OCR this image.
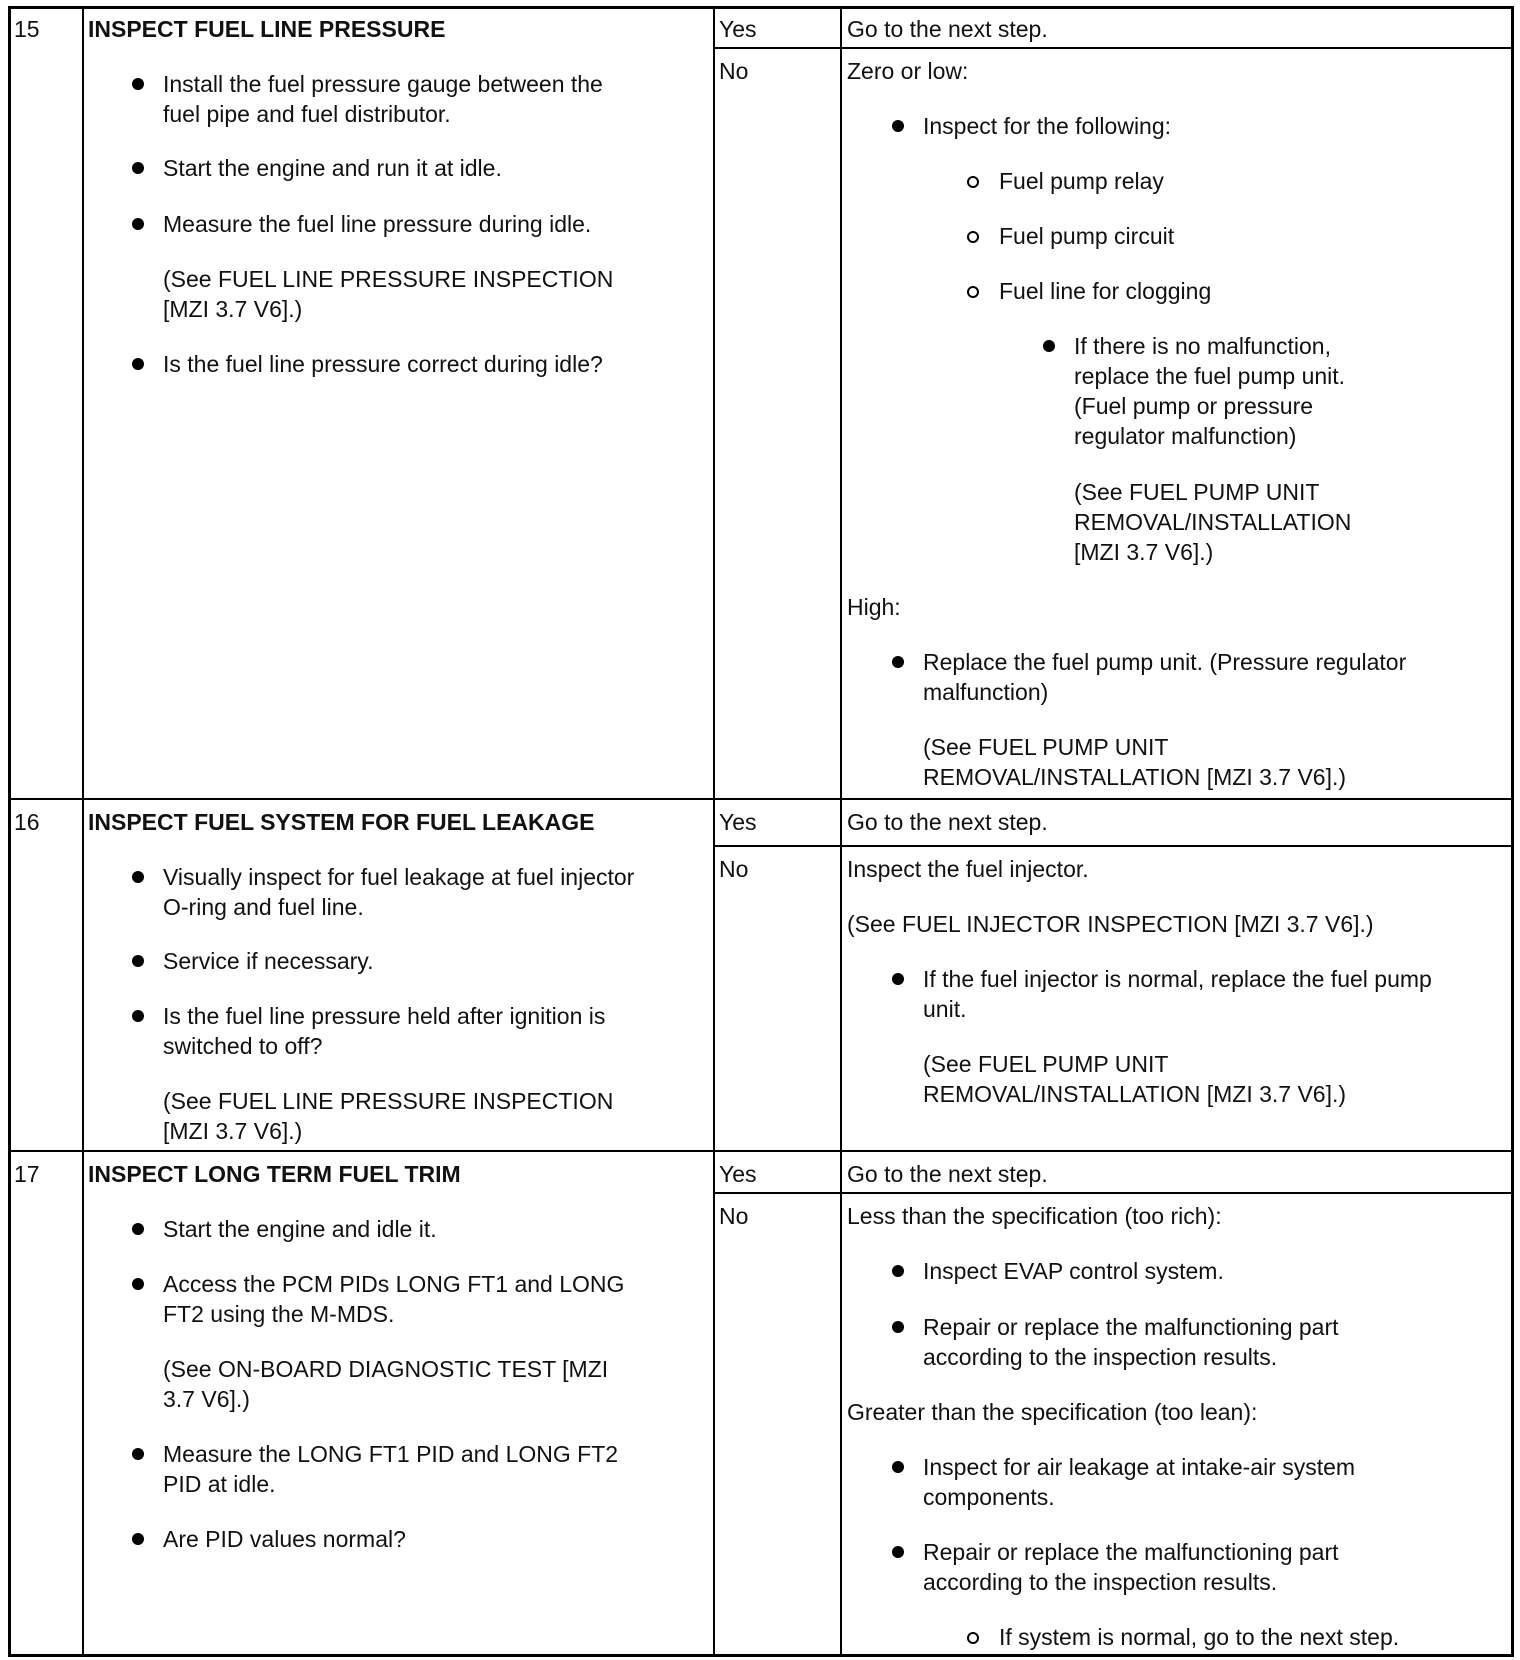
15 INSPECT FUEL LINE PRESSURE

Install the fuel pressure gauge between the

fuel pipe and fuel distributor.

Start the engine and run it at idle.

Measure the fuel line pressure during idle.

(See FUEL LINE PRESSURE INSPECTION

[MZI 3.7 V6].)

Is the fuel line pressure correct during idle?

Yes	Go to the next step.

No	Zero or low:

Inspect for the following:

Fuel pump relay

Fuel pump circuit

Fuel line for clogging

If there is no malfunction,

replace the fuel pump unit.

(Fuel pump or pressure

regulator malfunction)

(See FUEL PUMP UNIT

REMOVAL/INSTALLATION

[MZI 3.7 V6].)

High:

Replace the fuel pump unit. (Pressure regulator

malfunction)

(See FUEL PUMP UNIT

REMOVAL/INSTALLATION [MZI 3.7 V6].)

16 INSPECT FUEL SYSTEM FOR FUEL LEAKAGE

Visually inspect for fuel leakage at fuel injector

O-ring and fuel line.

Service if necessary.

Is the fuel line pressure held after ignition is

switched to off?

(See FUEL LINE PRESSURE INSPECTION

[MZI 3.7 V6].)

Yes	Go to the next step.

No	Inspect the fuel injector.

(See FUEL INJECTOR INSPECTION [MZI 3.7 V6].)

If the fuel injector is normal, replace the fuel pump

unit.

(See FUEL PUMP UNIT

REMOVAL/INSTALLATION [MZI 3.7 V6].)

17 INSPECT LONG TERM FUEL TRIM

Start the engine and idle it.

Access the PCM PIDs LONG FT1 and LONG

FT2 using the M-MDS.

(See ON-BOARD DIAGNOSTIC TEST [MZI

3.7 V6].)

Measure the LONG FT1 PID and LONG FT2

PID at idle.

Are PID values normal?

Yes	Go to the next step.

No	Less than the specification (too rich):

Inspect EVAP control system.

Repair or replace the malfunctioning part

according to the inspection results.

Greater than the specification (too lean):

Inspect for air leakage at intake-air system

components.

Repair or replace the malfunctioning part

according to the inspection results.

If system is normal, go to the next step.
